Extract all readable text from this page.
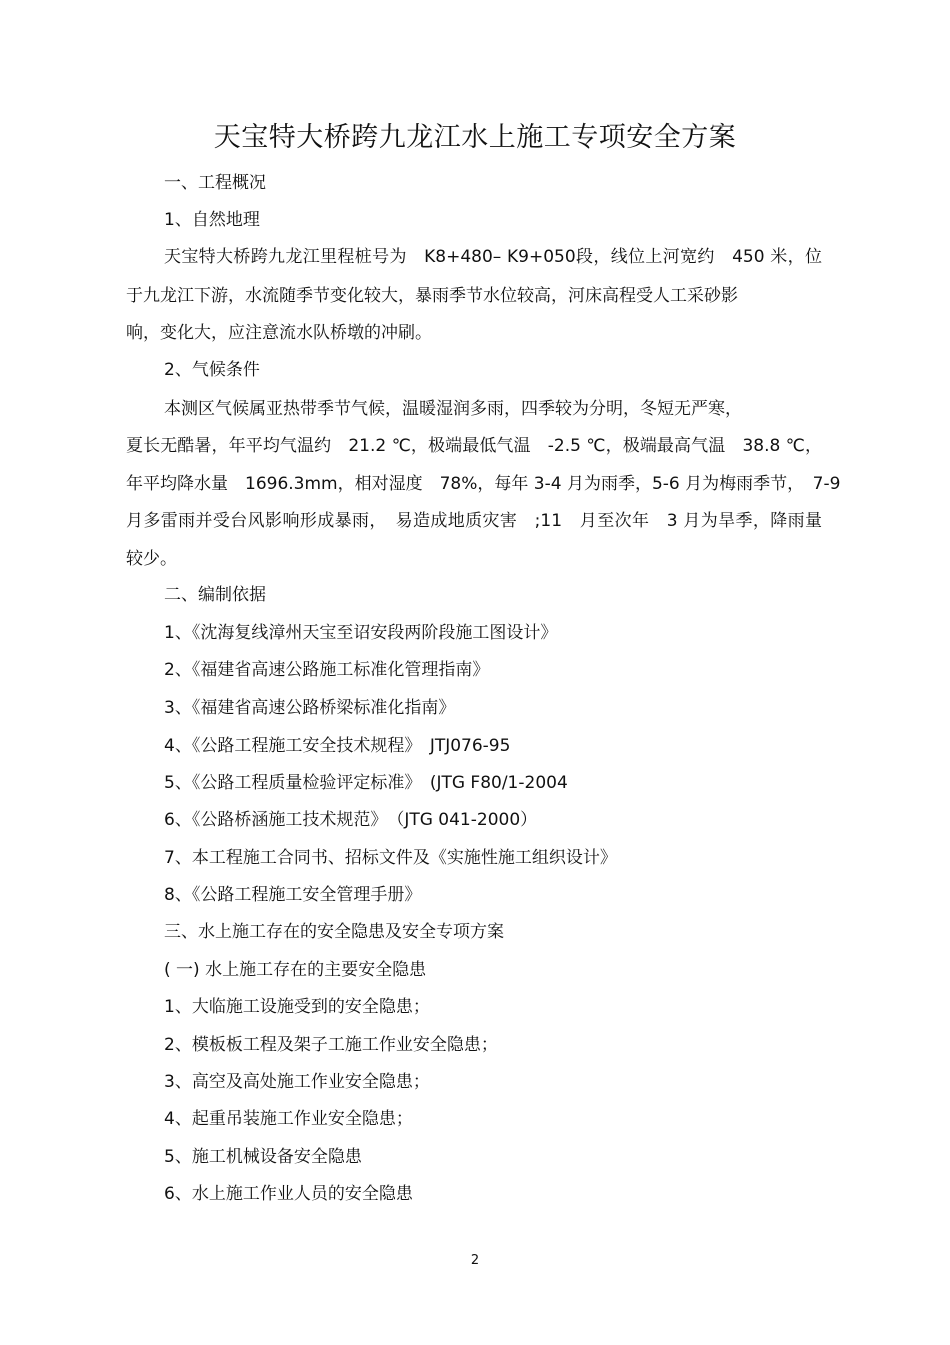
天宝特大桥跨九龙江水上施工专项安全方案
一、工程概况
1、自然地理
天宝特大桥跨九龙江里程桩号为　K8+480– K9+050段，线位上河宽约　450 米，位
于九龙江下游，水流随季节变化较大，暴雨季节水位较高，河床高程受人工采砂影
响，变化大，应注意流水队桥墩的冲刷。
2、气候条件
本测区气候属亚热带季节气候，温暖湿润多雨，四季较为分明，冬短无严寒，
夏长无酷暑，年平均气温约　21.2 ℃，极端最低气温　-2.5 ℃，极端最高气温　38.8 ℃，
年平均降水量　1696.3mm，相对湿度　78%，每年 3-4 月为雨季，5-6 月为梅雨季节，　7-9
月多雷雨并受台风影响形成暴雨，　易造成地质灾害　;11　月至次年　3 月为旱季，降雨量
较少。
二、编制依据
1、《沈海复线漳州天宝至诏安段两阶段施工图设计》
2、《福建省高速公路施工标准化管理指南》
3、《福建省高速公路桥梁标准化指南》
4、《公路工程施工安全技术规程》　JTJ076-95
5、《公路工程质量检验评定标准》　(JTG F80/1-2004
6、《公路桥涵施工技术规范》　（JTG 041-2000）
7、本工程施工合同书、招标文件及《实施性施工组织设计》
8、《公路工程施工安全管理手册》
三、水上施工存在的安全隐患及安全专项方案
( 一) 水上施工存在的主要安全隐患
1、大临施工设施受到的安全隐患；
2、模板板工程及架子工施工作业安全隐患；
3、高空及高处施工作业安全隐患；
4、起重吊装施工作业安全隐患；
5、施工机械设备安全隐患
6、水上施工作业人员的安全隐患
2
